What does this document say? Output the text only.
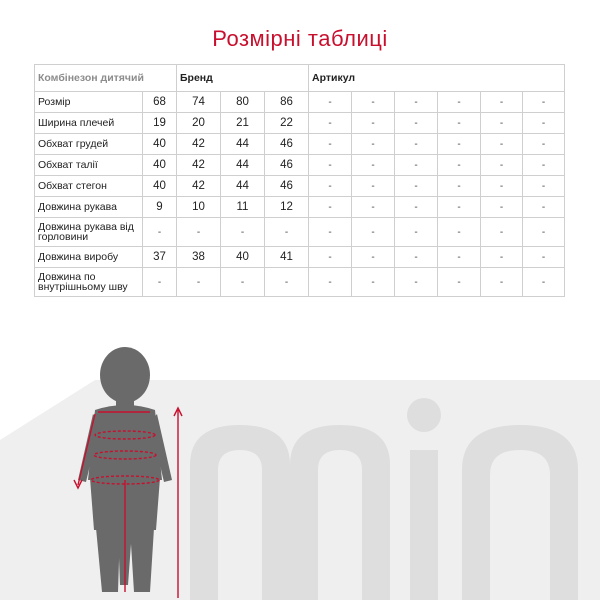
Розмірні таблиці
Комбінезон дитячий		Бренд			Артикул					
Розмір	68	74	80	86	-	-	-	-	-	-
Ширина плечей	19	20	21	22	-	-	-	-	-	-
Обхват грудей	40	42	44	46	-	-	-	-	-	-
Обхват талії	40	42	44	46	-	-	-	-	-	-
Обхват стегон	40	42	44	46	-	-	-	-	-	-
Довжина рукава	9	10	11	12	-	-	-	-	-	-
Довжина рукава від горловини	-	-	-	-	-	-	-	-	-	-
Довжина виробу	37	38	40	41	-	-	-	-	-	-
Довжина по внутрішньому шву	-	-	-	-	-	-	-	-	-	-
